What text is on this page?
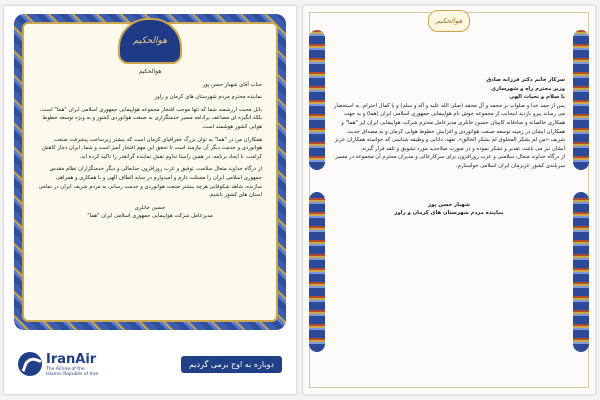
هوالحکیم
هوالحکیم

جناب آقای شهباز حسن پور

نماینده محترم مردم شهرستان های کرمان و راور

بانل محبت ارزشمند شما که تنها موجب افتخار مجموعه هواپیمایی جمهوری اسلامی ایران "هما" است، بلکه انگیزه ای مضاعف برادامه مسیر خدمتگزاری به صنعت هوانوردی کشور و به ویژه توسعه خطوط هوایی کشور هوشمند است.

همکاران من در "هما" به توان بزرگ جغرافیای کرمان است که بیشتر زیرساخت پیشرفت صنعت هوانوردی و خدمت دیگر آن نیازمند است تا تحقق این مهم افتخار آمیز است و شما، ایران دچار کاهش کرامت، با ایجاد برنامه، در همین راستا تداوم نقش نماینده گرانقدر را تاکید کرده اید.

از درگاه خداوند متعال سلامت، توفیق و عزت روزافزون جنابعالی و دیگر خدمتگزاران نظام مقدس جمهوری اسلامی ایران را مسئلت دارم و امیدوارم در سایه الطاف الهی و با همکاری و همراهی سازنده، شاهد شکوفایی هرچه بیشتر صنعت هوانوردی و خدمت رسانی به مردم شریف ایران در تمامی استان های کشور باشیم.

حسین خانلری
مدیرعامل شرکت هواپیمایی جمهوری اسلامی ایران "هما"
IranAir
The Airline of the
Islamic Republic of Iran
دوباره به اوج برمی گردیم
هوالحکیم

سرکار خانم دکتر فرزانه صادق

وزیر محترم راه و شهرسازی

با سلام و تحیات الهی

پس از حمد خدا و صلوات بر محمد و آل محمد (صلی الله علیه و آله و سلم) و با کمال احترام، به استحضار می رساند پیرو بازدید اینجانب از مجموعه خوش نام هواپیمایی جمهوری اسلامی ایران (هما) و به جهت همکاری خالصانه و صادقانه کاپیتان حسین خانلری مدیرعامل محترم شرکت هواپیمایی ایران ایر "هما" و همکاران ایشان در زمینه توسعه صنعت هوانوردی و افزایش خطوط هوایی کرمان و به مصداق حدیث شریف «من لم یشکر المخلوق لم یشکر الخالق»، تعهد، دانایی و وظیفه شناسی که خواسته همکاران عزیز ایشان نیز می باشد، تقدیر و تشکر نموده و در صورت صلاحدید مورد تشویق و تلقد قرار گیرند.

از درگاه خداوند متعال، سلامتی و عزت روزافزون برای سرکارعالی و مدیران محترم آن مجموعه در مسیر سربلندی کشور عزیزمان ایران اسلامی خواستارم.

شهباز حسن پور
نماینده مردم شهرستان های کرمان و راور
